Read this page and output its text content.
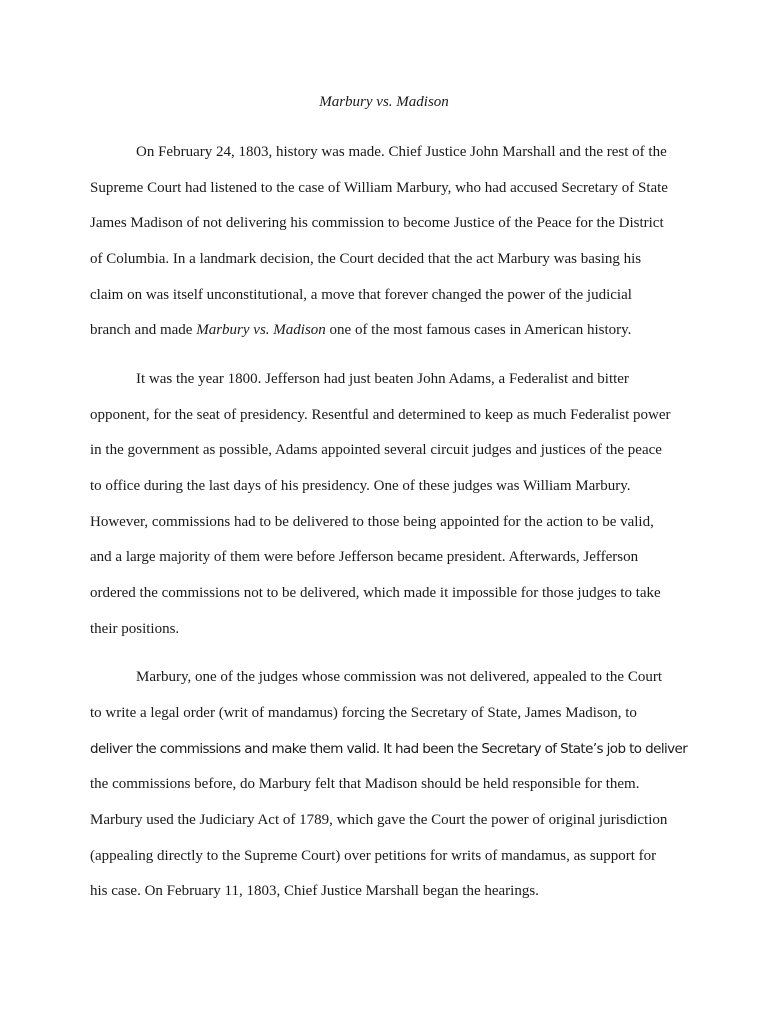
Marbury vs. Madison
On February 24, 1803, history was made. Chief Justice John Marshall and the rest of the
Supreme Court had listened to the case of William Marbury, who had accused Secretary of State
James Madison of not delivering his commission to become Justice of the Peace for the District
of Columbia. In a landmark decision, the Court decided that the act Marbury was basing his
claim on was itself unconstitutional, a move that forever changed the power of the judicial
branch and made Marbury vs. Madison one of the most famous cases in American history.
It was the year 1800. Jefferson had just beaten John Adams, a Federalist and bitter
opponent, for the seat of presidency. Resentful and determined to keep as much Federalist power
in the government as possible, Adams appointed several circuit judges and justices of the peace
to office during the last days of his presidency. One of these judges was William Marbury.
However, commissions had to be delivered to those being appointed for the action to be valid,
and a large majority of them were before Jefferson became president. Afterwards, Jefferson
ordered the commissions not to be delivered, which made it impossible for those judges to take
their positions.
Marbury, one of the judges whose commission was not delivered, appealed to the Court
to write a legal order (writ of mandamus) forcing the Secretary of State, James Madison, to
deliver the commissions and make them valid. It had been the Secretary of State’s job to deliver
the commissions before, do Marbury felt that Madison should be held responsible for them.
Marbury used the Judiciary Act of 1789, which gave the Court the power of original jurisdiction
(appealing directly to the Supreme Court) over petitions for writs of mandamus, as support for
his case. On February 11, 1803, Chief Justice Marshall began the hearings.
